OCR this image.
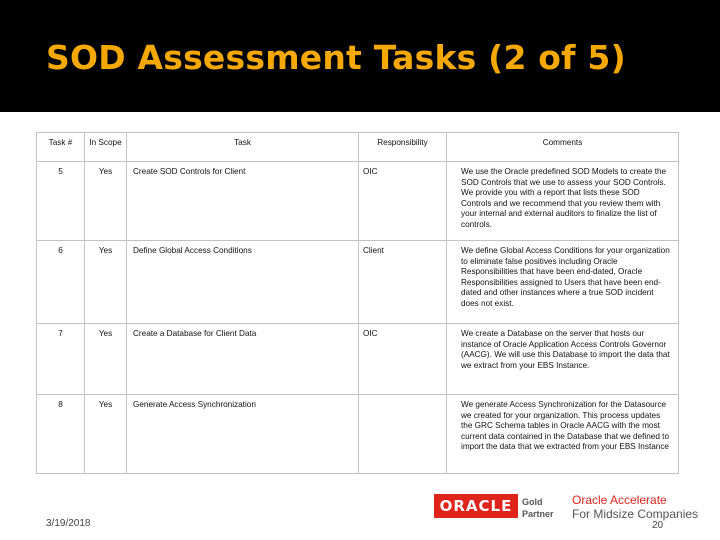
SOD Assessment Tasks (2 of 5)
Task #	In Scope	Task	Responsibility	Comments
5	Yes	Create SOD Controls for Client	OIC	We use the Oracle predefined SOD Models to create the SOD Controls that we use to assess your SOD Controls. We provide you with a report that lists these SOD Controls and we recommend that you review them with your internal and external auditors to finalize the list of controls.
6	Yes	Define Global Access Conditions	Client	We define Global Access Conditions for your organization to eliminate false positives including Oracle Responsibilities that have been end-dated, Oracle Responsibilities assigned to Users that have been end-dated and other instances where a true SOD incident does not exist.
7	Yes	Create a Database for Client Data	OIC	We create a Database on the server that hosts our instance of Oracle Application Access Controls Governor (AACG). We will use this Database to import the data that we extract from your EBS Instance.
8	Yes	Generate Access Synchronization		We generate Access Synchronization for the Datasource we created for your organization. This process updates the GRC Schema tables in Oracle AACG with the most current data contained in the Database that we defined to import the data that we extracted from your EBS Instance
3/19/2018
ORACLE	Gold
Partner
Oracle Accelerate
For Midsize Companies
20
